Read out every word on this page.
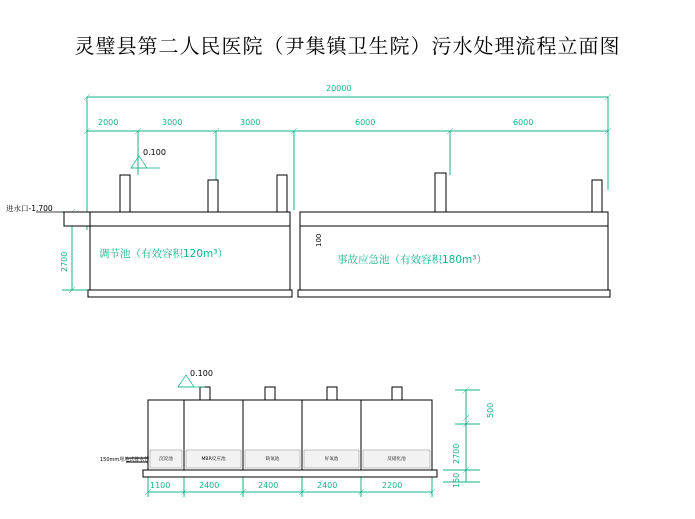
灵璧县第二人民医院（尹集镇卫生院）污水处理流程立面图
20000
2000	3000	3000	6000	6000
0.100
进水口-1.700
2700
100
调节池（有效容积120m³）	事故应急池（有效容积180m³）
0.100
150mm埋地式排水管	沉淀池	MBR反应池	缺氧池	好氧池	反硝化池
500
2700
150
1100	2400	2400	2400	2200
